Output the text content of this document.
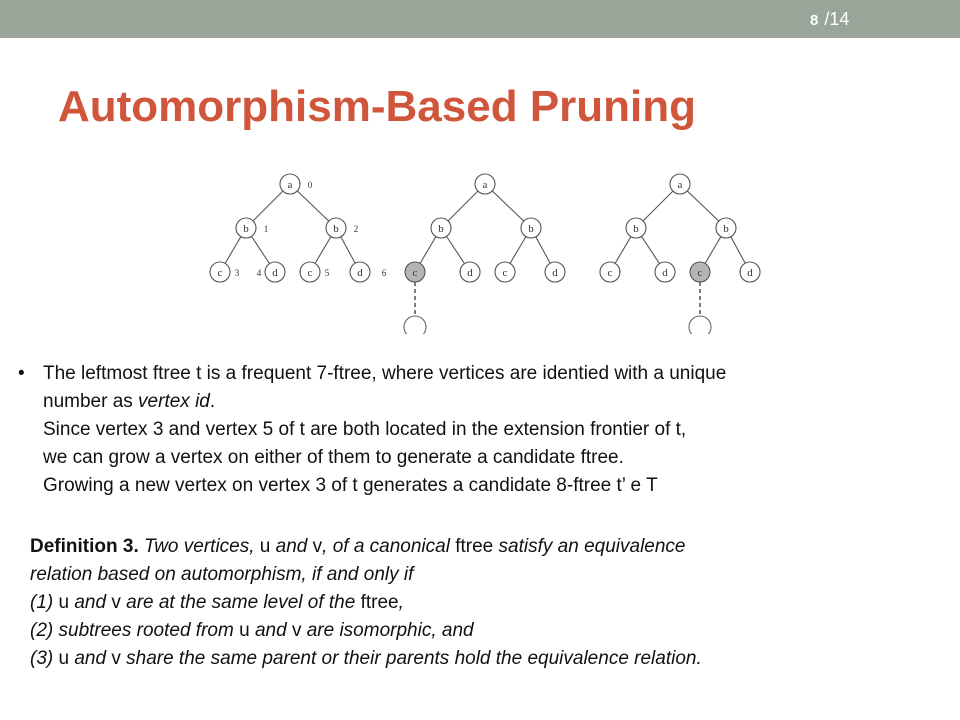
8 /14
Automorphism-Based Pruning
a 0
b 1	b 2
c 3	d
4	c 5	d 6
a
b	b
c	d	c	d
a
b	b
c	d	c	d
• The leftmost ftree t is a frequent 7-ftree, where vertices are identied with a unique
number as vertex id.
Since vertex 3 and vertex 5 of t are both located in the extension frontier of t,
we can grow a vertex on either of them to generate a candidate ftree.
Growing a new vertex on vertex 3 of t generates a candidate 8-ftree t’ e T
Definition 3. Two vertices, u and v, of a canonical ftree satisfy an equivalence
relation based on automorphism, if and only if
(1) u and v are at the same level of the ftree,
(2) subtrees rooted from u and v are isomorphic, and
(3) u and v share the same parent or their parents hold the equivalence relation.
